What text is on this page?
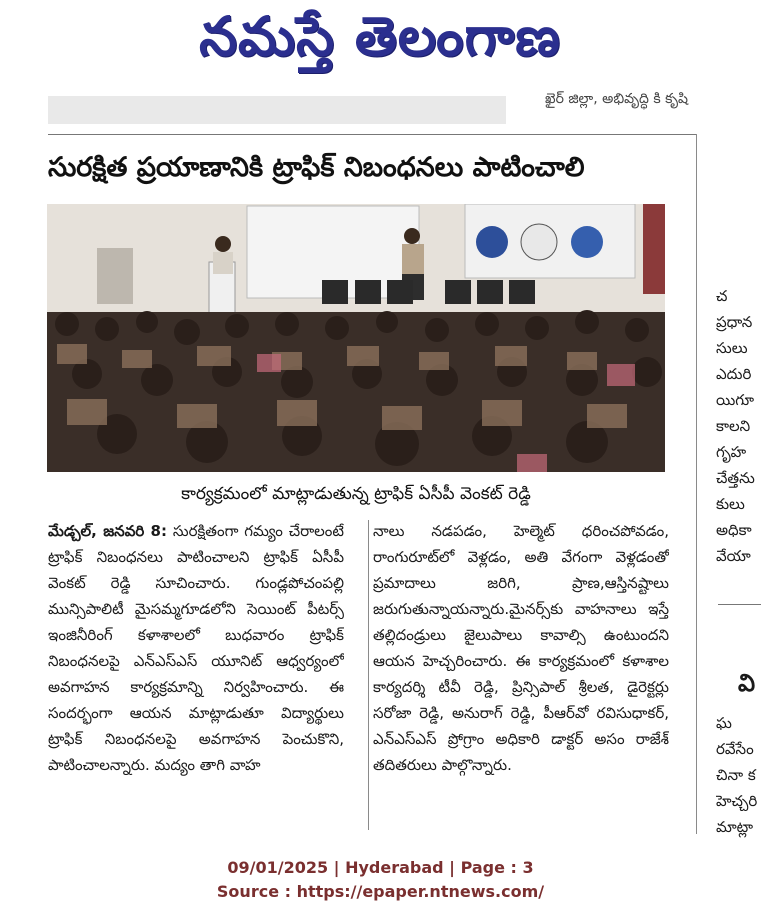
నమస్తే తెలంగాణ
ఖైర్ జిల్లా, అభివృద్ధి కి కృషి
సురక్షిత ప్రయాణానికి ట్రాఫిక్ నిబంధనలు పాటించాలి
కార్యక్రమంలో మాట్లాడుతున్న ట్రాఫిక్ ఏసీపీ వెంకట్ రెడ్డి

మేడ్చల్, జనవరి 8: సురక్షితంగా గమ్యం చేరాలంటే ట్రాఫిక్ నిబంధనలు పాటించాలని ట్రాఫిక్ ఏసీపీ వెంకట్ రెడ్డి సూచించారు. గుండ్లపోచంపల్లి మున్సిపాలిటీ మైసమ్మగూడలోని సెయింట్ పీటర్స్ ఇంజినీరింగ్ కళాశాలలో బుధవారం ట్రాఫిక్ నిబంధనలపై ఎన్ఎస్ఎస్ యూనిట్ ఆధ్వర్యంలో అవగాహన కార్యక్రమాన్ని నిర్వహించారు. ఈ సందర్భంగా ఆయన మాట్లాడుతూ విద్యార్థులు ట్రాఫిక్ నిబంధనలపై అవగాహన పెంచుకొని, పాటించాలన్నారు. మద్యం తాగి వాహ

నాలు నడపడం, హెల్మెట్ ధరించపోవడం, రాంగురూట్‌లో వెళ్లడం, అతి వేగంగా వెళ్లడంతో ప్రమాదాలు జరిగి, ప్రాణ,ఆస్తినష్టాలు జరుగుతున్నాయన్నారు.మైనర్స్‌కు వాహనాలు ఇస్తే తల్లిదండ్రులు జైలుపాలు కావాల్సి ఉంటుందని ఆయన హెచ్చరించారు. ఈ కార్యక్రమంలో కళాశాల కార్యదర్శి టీవీ రెడ్డి, ప్రిన్సిపాల్ శ్రీలత, డైరెక్టర్లు సరోజా రెడ్డి, అనురాగ్ రెడ్డి, పీఆర్‌వో రవిసుధాకర్, ఎన్ఎస్ఎస్ ప్రోగ్రాం అధికారి డాక్టర్ అసం రాజేశ్ తదితరులు పాల్గొన్నారు.

చ
ప్రధాన
సులు
ఎదురి
యిగూ
కాలని
గృహ
చేత్తను
కులు
అధికా
వేయా
వి
ఘ
రవేసేం
చినా క
హెచ్చరి
మాట్లా
09/01/2025 | Hyderabad | Page : 3
Source : https://epaper.ntnews.com/
